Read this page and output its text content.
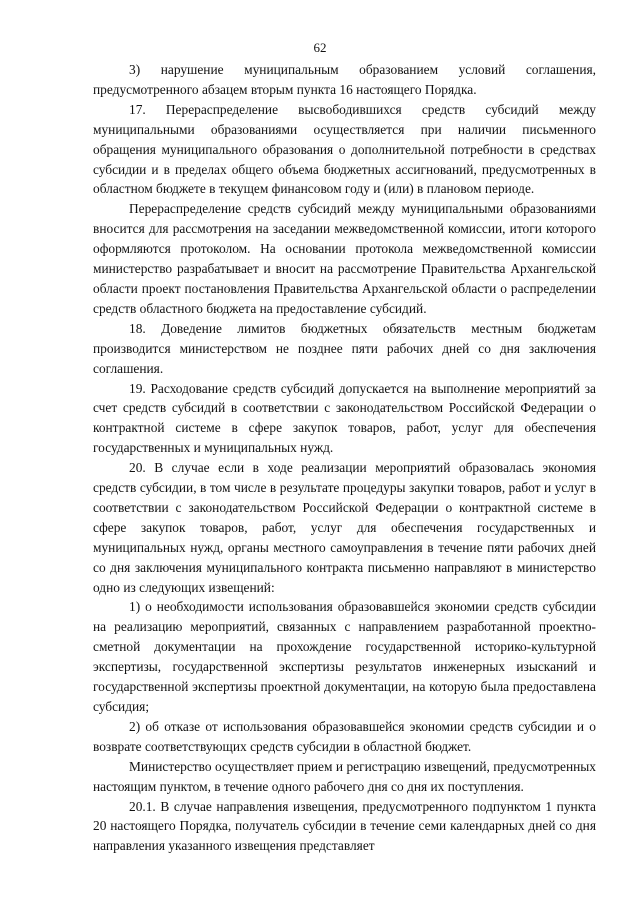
62

3) нарушение муниципальным образованием условий соглашения, предусмотренного абзацем вторым пункта 16 настоящего Порядка.

17. Перераспределение высвободившихся средств субсидий между муниципальными образованиями осуществляется при наличии письменного обращения муниципального образования о дополнительной потребности в средствах субсидии и в пределах общего объема бюджетных ассигнований, предусмотренных в областном бюджете в текущем финансовом году и (или) в плановом периоде.

Перераспределение средств субсидий между муниципальными образованиями вносится для рассмотрения на заседании межведомственной комиссии, итоги которого оформляются протоколом. На основании протокола межведомственной комиссии министерство разрабатывает и вносит на рассмотрение Правительства Архангельской области проект постановления Правительства Архангельской области о распределении средств областного бюджета на предоставление субсидий.

18. Доведение лимитов бюджетных обязательств местным бюджетам производится министерством не позднее пяти рабочих дней со дня заключения соглашения.

19. Расходование средств субсидий допускается на выполнение мероприятий за счет средств субсидий в соответствии с законодательством Российской Федерации о контрактной системе в сфере закупок товаров, работ, услуг для обеспечения государственных и муниципальных нужд.

20. В случае если в ходе реализации мероприятий образовалась экономия средств субсидии, в том числе в результате процедуры закупки товаров, работ и услуг в соответствии с законодательством Российской Федерации о контрактной системе в сфере закупок товаров, работ, услуг для обеспечения государственных и муниципальных нужд, органы местного самоуправления в течение пяти рабочих дней со дня заключения муниципального контракта письменно направляют в министерство одно из следующих извещений:

1) о необходимости использования образовавшейся экономии средств субсидии на реализацию мероприятий, связанных с направлением разработанной проектно-сметной документации на прохождение государственной историко-культурной экспертизы, государственной экспертизы результатов инженерных изысканий и государственной экспертизы проектной документации, на которую была предоставлена субсидия;

2) об отказе от использования образовавшейся экономии средств субсидии и о возврате соответствующих средств субсидии в областной бюджет.

Министерство осуществляет прием и регистрацию извещений, предусмотренных настоящим пунктом, в течение одного рабочего дня со дня их поступления.

20.1. В случае направления извещения, предусмотренного подпунктом 1 пункта 20 настоящего Порядка, получатель субсидии в течение семи календарных дней со дня направления указанного извещения представляет
